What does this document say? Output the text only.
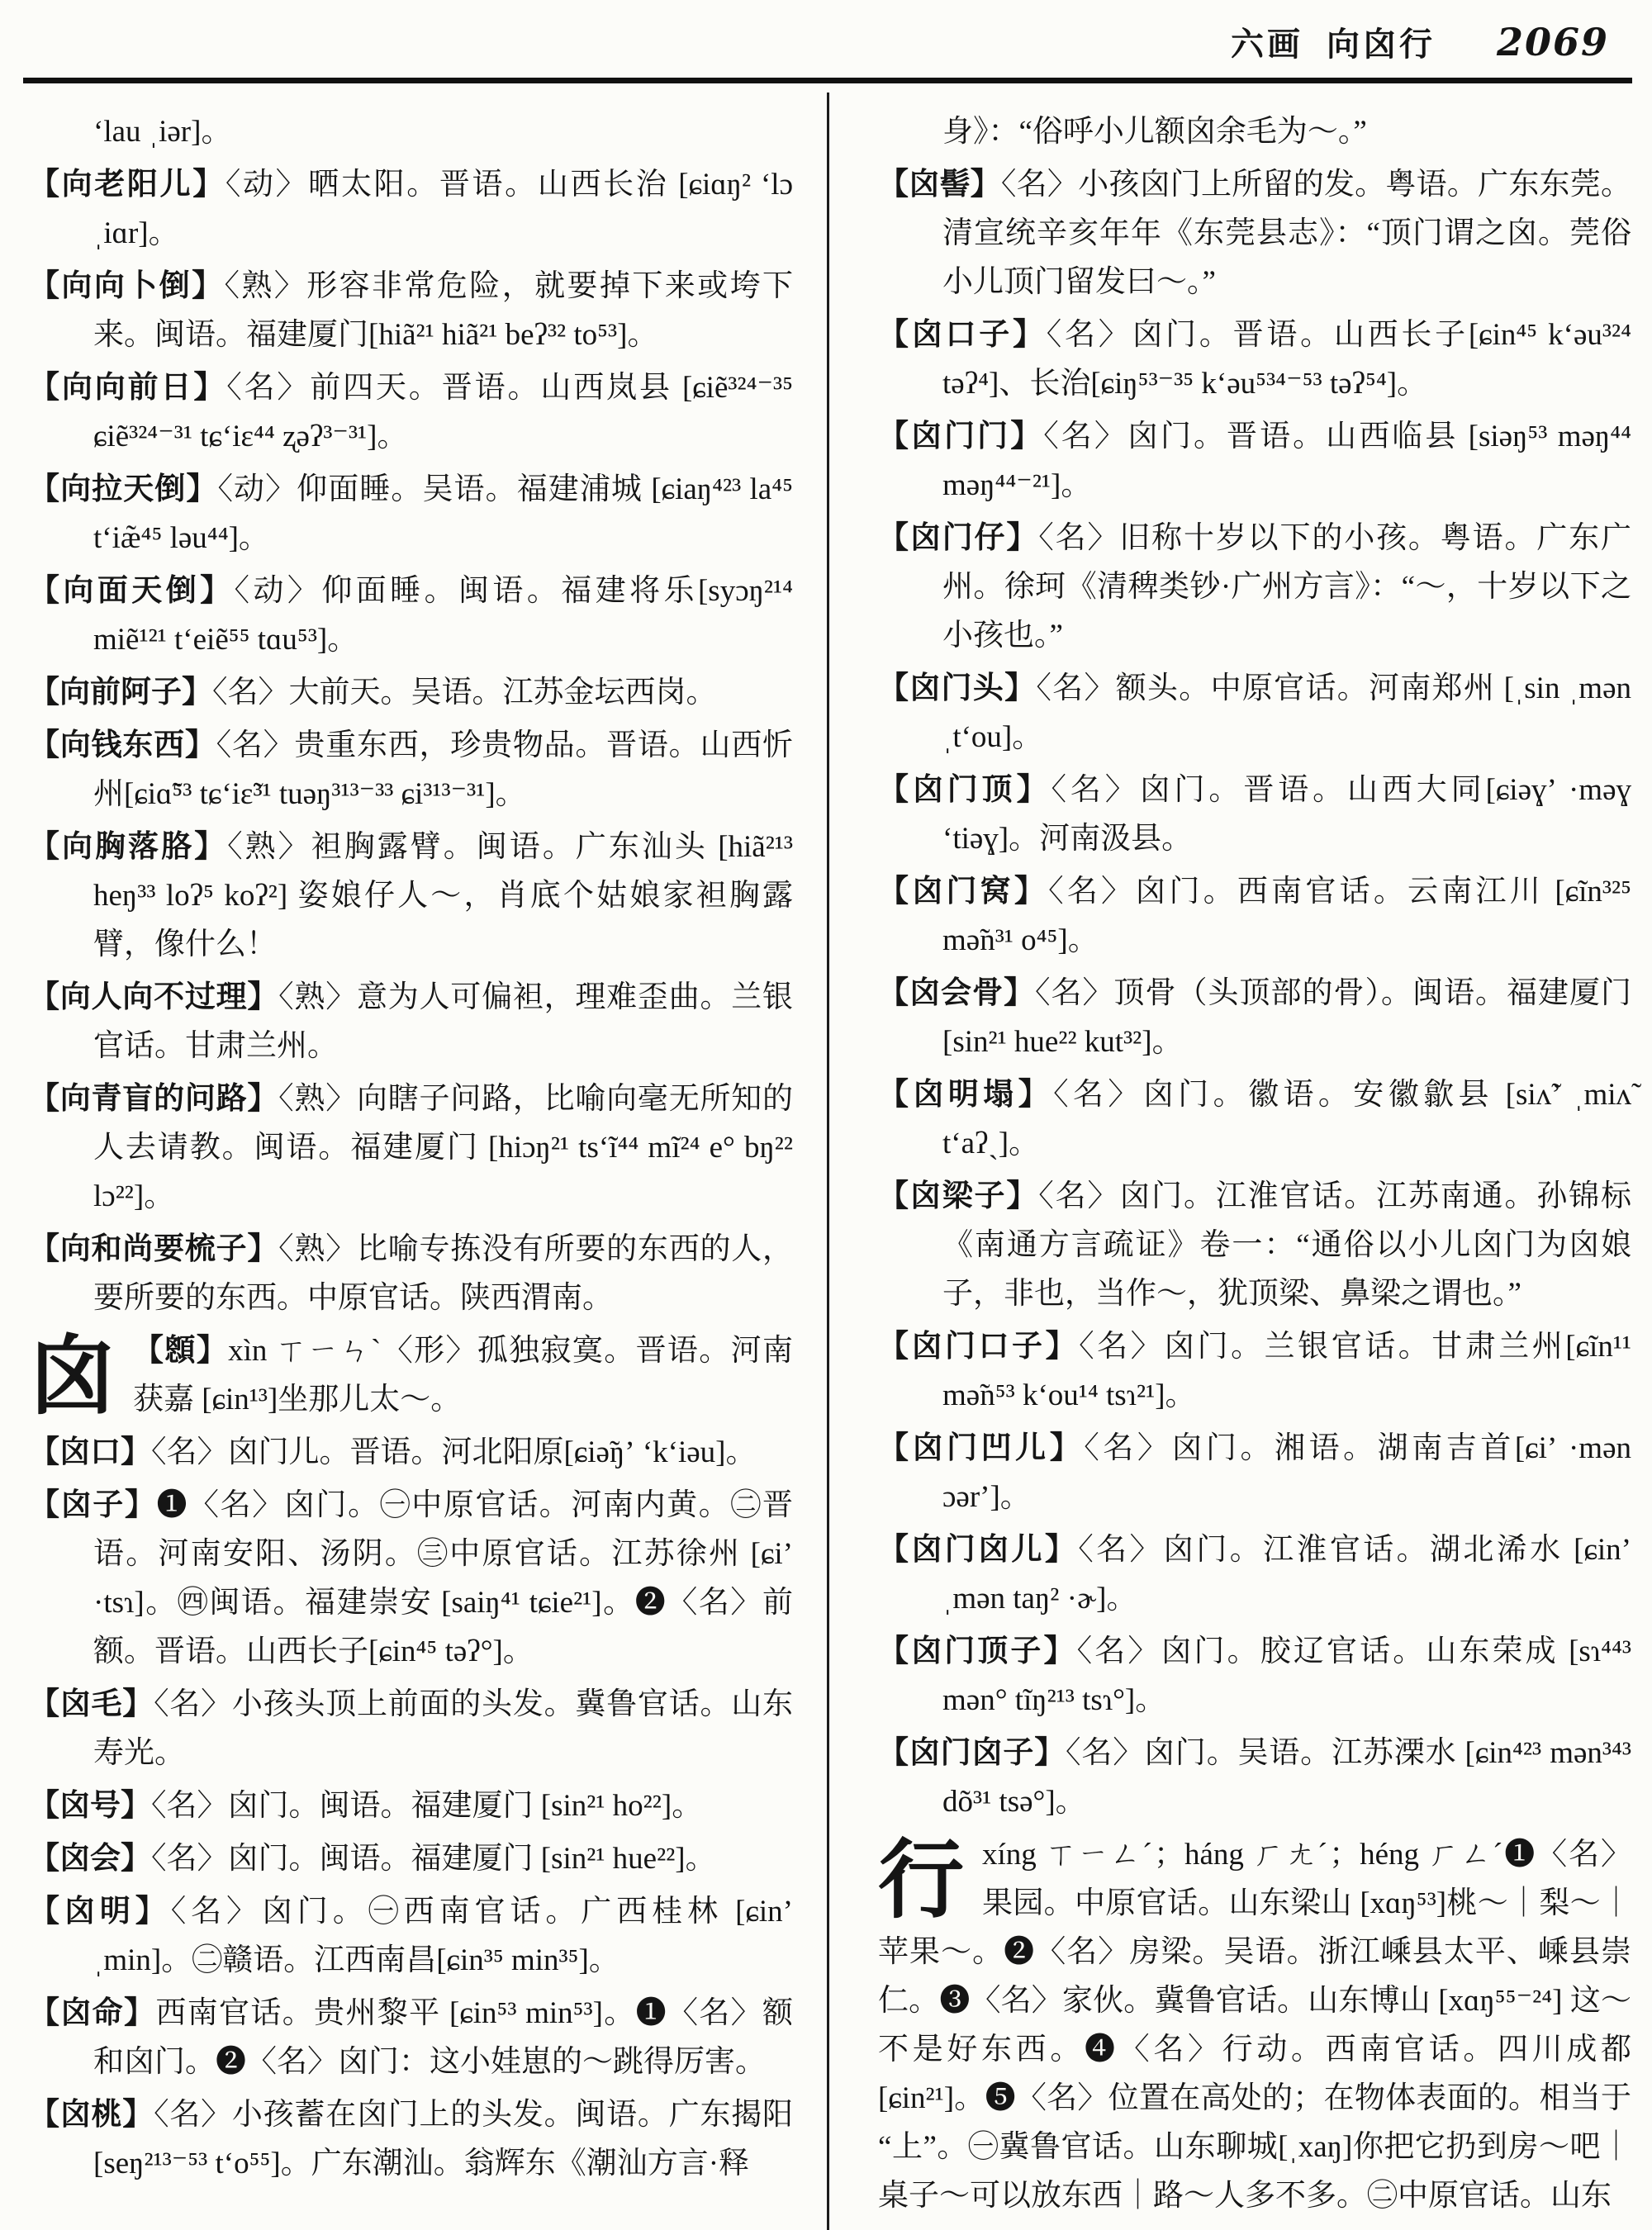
六画 向囟行 2069
ʻlau ˌiər]。
【向老阳儿】〈动〉晒太阳。晋语。山西长治 [ɕiɑŋ² ʻlɔ ˌiɑr]。
【向向卜倒】〈熟〉形容非常危险，就要掉下来或垮下来。闽语。福建厦门[hiã²¹ hiã²¹ beʔ³² to⁵³]。
【向向前日】〈名〉前四天。晋语。山西岚县 [ɕiẽ³²⁴⁻³⁵ ɕiẽ³²⁴⁻³¹ tɕʻiɛ⁴⁴ ʐəʔ³⁻³¹]。
【向拉天倒】〈动〉仰面睡。吴语。福建浦城 [ɕiaŋ⁴²³ la⁴⁵ tʻiæ̃⁴⁵ ləu⁴⁴]。
【向面天倒】〈动〉仰面睡。闽语。福建将乐[syɔŋ²¹⁴ miẽ¹²¹ tʻeiẽ⁵⁵ tɑu⁵³]。
【向前阿子】〈名〉大前天。吴语。江苏金坛西岗。
【向钱东西】〈名〉贵重东西，珍贵物品。晋语。山西忻州[ɕiɑ̃⁵³ tɕʻiɛ̃³¹ tuəŋ³¹³⁻³³ ɕi³¹³⁻³¹]。
【向胸落胳】〈熟〉袒胸露臂。闽语。广东汕头 [hiã²¹³ heŋ³³ loʔ⁵ koʔ²] 姿娘仔人～，肖底个姑娘家袒胸露臂，像什么！
【向人向不过理】〈熟〉意为人可偏袒，理难歪曲。兰银官话。甘肃兰州。
【向青盲的问路】〈熟〉向瞎子问路，比喻向毫无所知的人去请教。闽语。福建厦门 [hiɔŋ²¹ tsʻĩ⁴⁴ mĩ²⁴ e° bŋ²² lɔ²²]。
【向和尚要梳子】〈熟〉比喻专拣没有所要的东西的人，要所要的东西。中原官话。陕西渭南。
囟 【顖】xìn ㄒㄧㄣˋ〈形〉孤独寂寞。晋语。河南获嘉 [ɕin¹³]坐那儿太～。
【囟口】〈名〉囟门儿。晋语。河北阳原[ɕiə̃ŋʼ ʻkʻiəu]。
【囟子】❶〈名〉囟门。㊀中原官话。河南内黄。㊁晋语。河南安阳、汤阴。㊂中原官话。江苏徐州 [ɕiʼ ·tsɿ]。㊃闽语。福建崇安 [saiŋ⁴¹ tɕie²¹]。❷〈名〉前额。晋语。山西长子[ɕin⁴⁵ təʔ°]。
【囟毛】〈名〉小孩头顶上前面的头发。冀鲁官话。山东寿光。
【囟号】〈名〉囟门。闽语。福建厦门 [sin²¹ ho²²]。
【囟会】〈名〉囟门。闽语。福建厦门 [sin²¹ hue²²]。
【囟明】〈名〉囟门。㊀西南官话。广西桂林 [ɕinʼ ˌmin]。㊁赣语。江西南昌[ɕin³⁵ min³⁵]。
【囟命】西南官话。贵州黎平 [ɕin⁵³ min⁵³]。❶〈名〉额和囟门。❷〈名〉囟门：这小娃崽的～跳得厉害。
【囟桃】〈名〉小孩蓄在囟门上的头发。闽语。广东揭阳[seŋ²¹³⁻⁵³ tʻo⁵⁵]。广东潮汕。翁辉东《潮汕方言·释
身》：“俗呼小儿额囟余毛为～。”
【囟髻】〈名〉小孩囟门上所留的发。粤语。广东东莞。清宣统辛亥年年《东莞县志》：“顶门谓之囟。莞俗小儿顶门留发曰～。”
【囟口子】〈名〉囟门。晋语。山西长子[ɕin⁴⁵ kʻəu³²⁴ təʔ⁴]、长治[ɕiŋ⁵³⁻³⁵ kʻəu⁵³⁴⁻⁵³ təʔ⁵⁴]。
【囟门门】〈名〉囟门。晋语。山西临县 [siəŋ⁵³ məŋ⁴⁴ məŋ⁴⁴⁻²¹]。
【囟门仔】〈名〉旧称十岁以下的小孩。粤语。广东广州。徐珂《清稗类钞·广州方言》：“～，十岁以下之小孩也。”
【囟门头】〈名〉额头。中原官话。河南郑州 [ˌsin ˌmən ˌtʻou]。
【囟门顶】〈名〉囟门。晋语。山西大同[ɕiəɣʼ ·məɣ ʻtiəɣ]。河南汲县。
【囟门窝】〈名〉囟门。西南官话。云南江川 [ɕĩn³²⁵ mə̃n³¹ o⁴⁵]。
【囟会骨】〈名〉顶骨（头顶部的骨）。闽语。福建厦门[sin²¹ hue²² kut³²]。
【囟明塌】〈名〉囟门。徽语。安徽歙县 [siʌ̃ʼ ˌmiʌ̃ tʻaʔˎ]。
【囟梁子】〈名〉囟门。江淮官话。江苏南通。孙锦标《南通方言疏证》卷一：“通俗以小儿囟门为囟娘子，非也，当作～，犹顶梁、鼻梁之谓也。”
【囟门口子】〈名〉囟门。兰银官话。甘肃兰州[ɕĩn¹¹ mə̃n⁵³ kʻou¹⁴ tsɿ²¹]。
【囟门凹儿】〈名〉囟门。湘语。湖南吉首[ɕiʼ ·mən ɔərʼ]。
【囟门囟儿】〈名〉囟门。江淮官话。湖北浠水 [ɕinʼ ˌmən taŋ² ·ɚ]。
【囟门顶子】〈名〉囟门。胶辽官话。山东荣成 [sɿ⁴⁴³ mən° tĩŋ²¹³ tsɿ°]。
【囟门囟子】〈名〉囟门。吴语。江苏溧水 [ɕin⁴²³ mən³⁴³ dõ³¹ tsə°]。
行xíng ㄒㄧㄥˊ；háng ㄏㄤˊ；héng ㄏㄥˊ❶〈名〉果园。中原官话。山东梁山 [xɑŋ⁵³]桃～｜梨～｜苹果～。❷〈名〉房梁。吴语。浙江嵊县太平、嵊县崇仁。❸〈名〉家伙。冀鲁官话。山东博山 [xɑŋ⁵⁵⁻²⁴] 这～不是好东西。❹〈名〉行动。西南官话。四川成都 [ɕin²¹]。❺〈名〉位置在高处的；在物体表面的。相当于“上”。㊀冀鲁官话。山东聊城[ˌxaŋ]你把它扔到房～吧｜桌子～可以放东西｜路～人多不多。㊁中原官话。山东
